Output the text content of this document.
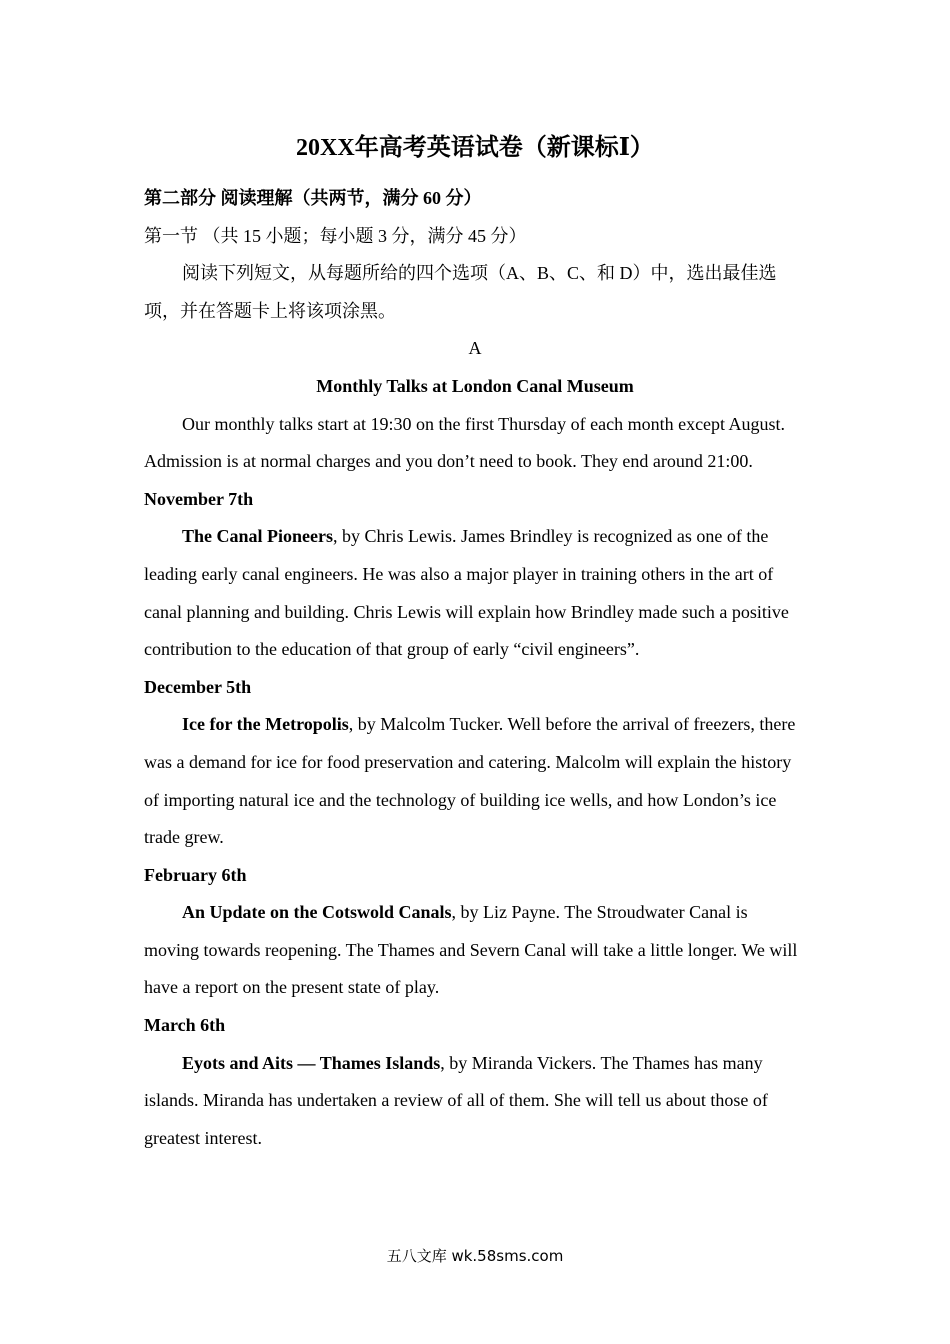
20XX年高考英语试卷（新课标Ⅰ）
第二部分 阅读理解（共两节，满分 60 分）
第一节 （共 15 小题；每小题 3 分，满分 45 分）

阅读下列短文，从每题所给的四个选项（A、B、C、和 D）中，选出最佳选项，并在答题卡上将该项涂黑。

A
Monthly Talks at London Canal Museum

Our monthly talks start at 19:30 on the first Thursday of each month except August. Admission is at normal charges and you don’t need to book. They end around 21:00.

November 7th

The Canal Pioneers, by Chris Lewis. James Brindley is recognized as one of the leading early canal engineers. He was also a major player in training others in the art of canal planning and building. Chris Lewis will explain how Brindley made such a positive contribution to the education of that group of early “civil engineers”.

December 5th

Ice for the Metropolis, by Malcolm Tucker. Well before the arrival of freezers, there was a demand for ice for food preservation and catering. Malcolm will explain the history of importing natural ice and the technology of building ice wells, and how London’s ice trade grew.

February 6th

An Update on the Cotswold Canals, by Liz Payne. The Stroudwater Canal is moving towards reopening. The Thames and Severn Canal will take a little longer. We will have a report on the present state of play.

March 6th

Eyots and Aits — Thames Islands, by Miranda Vickers. The Thames has many islands. Miranda has undertaken a review of all of them. She will tell us about those of greatest interest.

五八文库 wk.58sms.com
